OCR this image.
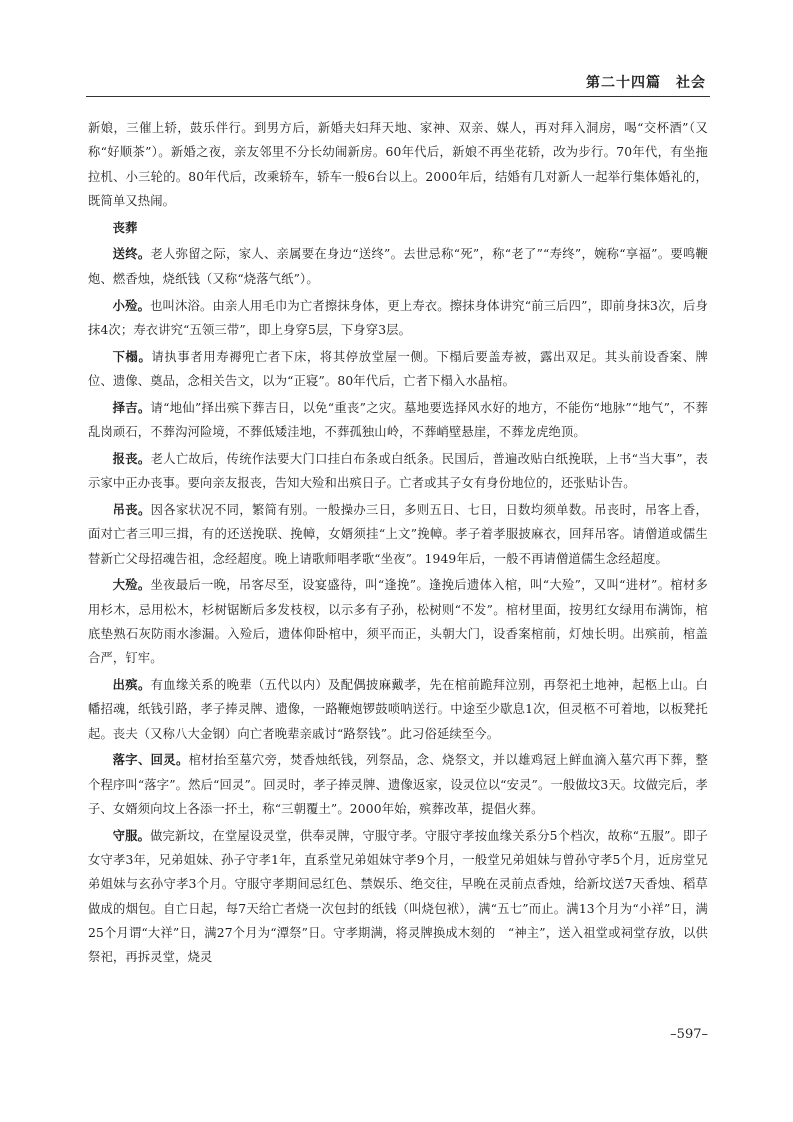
第二十四篇　社会

新娘，三催上轿，鼓乐伴行。到男方后，新婚夫妇拜天地、家神、双亲、媒人，再对拜入洞房，喝“交杯酒”（又称“好顺茶”）。新婚之夜，亲友邻里不分长幼闹新房。60年代后，新娘不再坐花轿，改为步行。70年代，有坐拖拉机、小三轮的。80年代后，改乘轿车，轿车一般6台以上。2000年后，结婚有几对新人一起举行集体婚礼的，既简单又热闹。

丧葬

送终。老人弥留之际，家人、亲属要在身边“送终”。去世忌称“死”，称“老了”“寿终”，婉称“享福”。要鸣鞭炮、燃香烛，烧纸钱（又称“烧落气纸”）。

小殓。也叫沐浴。由亲人用毛巾为亡者擦抹身体，更上寿衣。擦抹身体讲究“前三后四”，即前身抹3次，后身抹4次；寿衣讲究“五领三带”，即上身穿5层，下身穿3层。

下榻。请执事者用寿褥兜亡者下床，将其停放堂屋一侧。下榻后要盖寿被，露出双足。其头前设香案、牌位、遗像、奠品，念相关告文，以为“正寝”。80年代后，亡者下榻入水晶棺。

择吉。请“地仙”择出殡下葬吉日，以免“重丧”之灾。墓地要选择风水好的地方，不能伤“地脉”“地气”，不葬乱岗顽石，不葬沟河险境，不葬低矮洼地，不葬孤独山岭，不葬峭壁悬崖，不葬龙虎绝顶。

报丧。老人亡故后，传统作法要大门口挂白布条或白纸条。民国后，普遍改贴白纸挽联，上书“当大事”，表示家中正办丧事。要向亲友报丧，告知大殓和出殡日子。亡者或其子女有身份地位的，还张贴讣告。

吊丧。因各家状况不同，繁简有别。一般操办三日，多则五日、七日，日数均须单数。吊丧时，吊客上香，面对亡者三叩三揖，有的还送挽联、挽幛，女婿须挂“上文”挽幛。孝子着孝服披麻衣，回拜吊客。请僧道或儒生替新亡父母招魂告祖，念经超度。晚上请歌师唱孝歌“坐夜”。1949年后，一般不再请僧道儒生念经超度。

大殓。坐夜最后一晚，吊客尽至，设宴盛待，叫“逢挽”。逢挽后遗体入棺，叫“大殓”，又叫“进材”。棺材多用杉木，忌用松木，杉树锯断后多发枝杈，以示多有子孙，松树则“不发”。棺材里面，按男红女绿用布满饰，棺底垫熟石灰防雨水渗漏。入殓后，遗体仰卧棺中，须平而正，头朝大门，设香案棺前，灯烛长明。出殡前，棺盖合严，钉牢。

出殡。有血缘关系的晚辈（五代以内）及配偶披麻戴孝，先在棺前跪拜泣别，再祭祀土地神，起柩上山。白幡招魂，纸钱引路，孝子捧灵牌、遗像，一路鞭炮锣鼓唢呐送行。中途至少歇息1次，但灵柩不可着地，以板凳托起。丧夫（又称八大金钢）向亡者晚辈亲戚讨“路祭钱”。此习俗延续至今。

落字、回灵。棺材抬至墓穴旁，焚香烛纸钱，列祭品，念、烧祭文，并以雄鸡冠上鲜血滴入墓穴再下葬，整个程序叫“落字”。然后“回灵”。回灵时，孝子捧灵牌、遗像返家，设灵位以“安灵”。一般做坟3天。坟做完后，孝子、女婿须向坟上各添一抔土，称“三朝覆土”。2000年始，殡葬改革，提倡火葬。

守服。做完新坟，在堂屋设灵堂，供奉灵牌，守服守孝。守服守孝按血缘关系分5个档次，故称“五服”。即子女守孝3年，兄弟姐妹、孙子守孝1年，直系堂兄弟姐妹守孝9个月，一般堂兄弟姐妹与曾孙守孝5个月，近房堂兄弟姐妹与玄孙守孝3个月。守服守孝期间忌红色、禁娱乐、绝交往，早晚在灵前点香烛，给新坟送7天香烛、稻草做成的烟包。自亡日起，每7天给亡者烧一次包封的纸钱（叫烧包袱），满“五七”而止。满13个月为“小祥”日，满25个月谓“大祥”日，满27个月为“潭祭”日。守孝期满，将灵牌换成木刻的　“神主”，送入祖堂或祠堂存放，以供祭祀，再拆灵堂，烧灵

–597–
